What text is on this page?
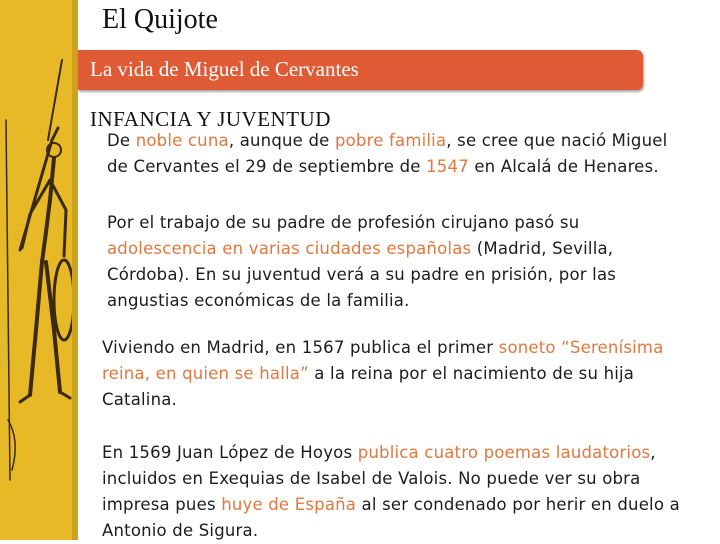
El Quijote
La vida de Miguel de Cervantes
INFANCIA Y JUVENTUD

De noble cuna, aunque de pobre familia, se cree que nació Miguel de Cervantes el 29 de septiembre de 1547 en Alcalá de Henares.

Por el trabajo de su padre de profesión cirujano pasó su adolescencia en varias ciudades españolas (Madrid, Sevilla, Córdoba). En su juventud verá a su padre en prisión, por las angustias económicas de la familia.

Viviendo en Madrid, en 1567 publica el primer soneto “Serenísima reina, en quien se halla” a la reina por el nacimiento de su hija Catalina.

En 1569 Juan López de Hoyos publica cuatro poemas laudatorios, incluidos en Exequias de Isabel de Valois. No puede ver su obra impresa pues huye de España al ser condenado por herir en duelo a Antonio de Sigura.
